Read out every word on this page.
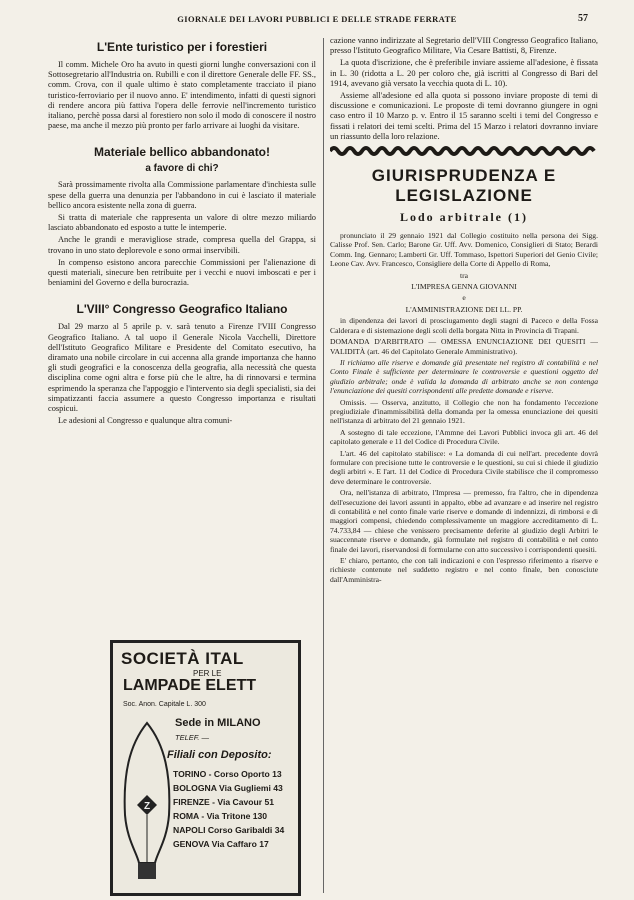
GIORNALE DEI LAVORI PUBBLICI E DELLE STRADE FERRATE	57
L'Ente turistico per i forestieri

Il comm. Michele Oro ha avuto in questi giorni lunghe conversazioni con il Sottosegretario all'Industria on. Rubilli e con il direttore Generale delle FF. SS., comm. Crova, con il quale ultimo è stato completamente tracciato il piano turistico-ferroviario per il nuovo anno. E' intendimento, infatti di questi signori di rendere ancora più fattiva l'opera delle ferrovie nell'incremento turistico italiano, perchè possa darsi al forestiero non solo il modo di conoscere il nostro paese, ma anche il mezzo più pronto per farlo arrivare ai luoghi da visitare.

Materiale bellico abbandonato!
a favore di chi?

Sarà prossimamente rivolta alla Commissione parlamentare d'inchiesta sulle spese della guerra una denunzia per l'abbandono in cui è lasciato il materiale bellico ancora esistente nella zona di guerra.

Si tratta di materiale che rappresenta un valore di oltre mezzo miliardo lasciato abbandonato ed esposto a tutte le intemperie.

Anche le grandi e meravigliose strade, compresa quella del Grappa, si trovano in uno stato deplorevole e sono ormai inservibili.

In compenso esistono ancora parecchie Commissioni per l'alienazione di questi materiali, sinecure ben retribuite per i vecchi e nuovi imboscati e per i beniamini del Governo e della burocrazia.

L'VIII° Congresso Geografico Italiano

Dal 29 marzo al 5 aprile p. v. sarà tenuto a Firenze l'VIII Congresso Geografico Italiano. A tal uopo il Generale Nicola Vacchelli, Direttore dell'Istituto Geografico Militare e Presidente del Comitato esecutivo, ha diramato una nobile circolare in cui accenna alla grande importanza che hanno gli studi geografici e la conoscenza della geografia, alla necessità che questa disciplina come ogni altra e forse più che le altre, ha di rinnovarsi e termina esprimendo la speranza che l'appoggio e l'intervento sia degli specialisti, sia dei simpatizzanti faccia assumere a questo Congresso importanza e risultati cospicui.

Le adesioni al Congresso e qualunque altra comuni-

SOCIETÀ ITAL
PER LE
LAMPADE ELETT
Soc. Anon. Capitale L. 300
Sede in MILANO
TELEF. —
Filiali con Deposito:
TORINO - Corso Oporto 13
BOLOGNA Via Gugliemi 43
FIRENZE - Via Cavour 51
ROMA - Via Tritone 130
NAPOLI Corso Garibaldi 34
GENOVA Via Caffaro 17
Z

cazione vanno indirizzate al Segretario dell'VIII Congresso Geografico Italiano, presso l'Istituto Geografico Militare, Via Cesare Battisti, 8, Firenze.

La quota d'iscrizione, che è preferibile inviare assieme all'adesione, è fissata in L. 30 (ridotta a L. 20 per coloro che, già iscritti al Congresso di Bari del 1914, avevano già versato la vecchia quota di L. 10).

Assieme all'adesione ed alla quota si possono inviare proposte di temi di discussione e comunicazioni. Le proposte di temi dovranno giungere in ogni caso entro il 10 Marzo p. v. Entro il 15 saranno scelti i temi del Congresso e fissati i relatori dei temi scelti. Prima del 15 Marzo i relatori dovranno inviare un riassunto della loro relazione.

GIURISPRUDENZA E LEGISLAZIONE
Lodo arbitrale (1)

pronunciato il 29 gennaio 1921 dal Collegio costituito nella persona dei Sigg. Calisse Prof. Sen. Carlo; Barone Gr. Uff. Avv. Domenico, Consiglieri di Stato; Berardi Comm. Ing. Gennaro; Lamberti Gr. Uff. Tommaso, Ispettori Superiori del Genio Civile; Leone Cav. Avv. Francesco, Consigliere della Corte di Appello di Roma,

tra

L'IMPRESA GENNA GIOVANNI

e

L'AMMINISTRAZIONE DEI LL. PP.

in dipendenza dei lavori di prosciugamento degli stagni di Paceco e della Fossa Calderara e di sistemazione degli scoli della borgata Nitta in Provincia di Trapani.

DOMANDA D'ARBITRATO — OMESSA ENUNCIAZIONE DEI QUESITI — VALIDITÀ (art. 46 del Capitolato Generale Amministrativo).

Il richiamo alle riserve e domande già presentate nel registro di contabilità e nel Conto Finale è sufficiente per determinare le controversie e questioni oggetto del giudizio arbitrale; onde è valida la domanda di arbitrato anche se non contenga l'enunciazione dei quesiti corrispondenti alle predette domande e riserve.

Omissis. — Osserva, anzitutto, il Collegio che non ha fondamento l'eccezione pregiudiziale d'inammissibilità della domanda per la omessa enunciazione dei quesiti nell'istanza di arbitrato del 21 gennaio 1921.

A sostegno di tale eccezione, l'Ammne dei Lavori Pubblici invoca gli art. 46 del capitolato generale e 11 del Codice di Procedura Civile.

L'art. 46 del capitolato stabilisce: « La domanda di cui nell'art. precedente dovrà formulare con precisione tutte le controversie e le questioni, su cui si chiede il giudizio degli arbitri ». E l'art. 11 del Codice di Procedura Civile stabilisce che il compromesso deve determinare le controversie.

Ora, nell'istanza di arbitrato, l'Impresa — premesso, fra l'altro, che in dipendenza dell'esecuzione dei lavori assunti in appalto, ebbe ad avanzare e ad inserire nel registro di contabilità e nel conto finale varie riserve e domande di indennizzi, di rimborsi e di maggiori compensi, chiedendo complessivamente un maggiore accreditamento di L. 74.733,84 — chiese che venissero precisamente deferite al giudizio degli Arbitri le suaccennate riserve e domande, già formulate nel registro di contabilità e nel conto finale dei lavori, riservandosi di formularne con atto successivo i corrispondenti quesiti.

E' chiaro, pertanto, che con tali indicazioni e con l'espresso riferimento a riserve e richieste contenute nel suddetto registro e nel conto finale, ben conosciute dall'Amministra-
